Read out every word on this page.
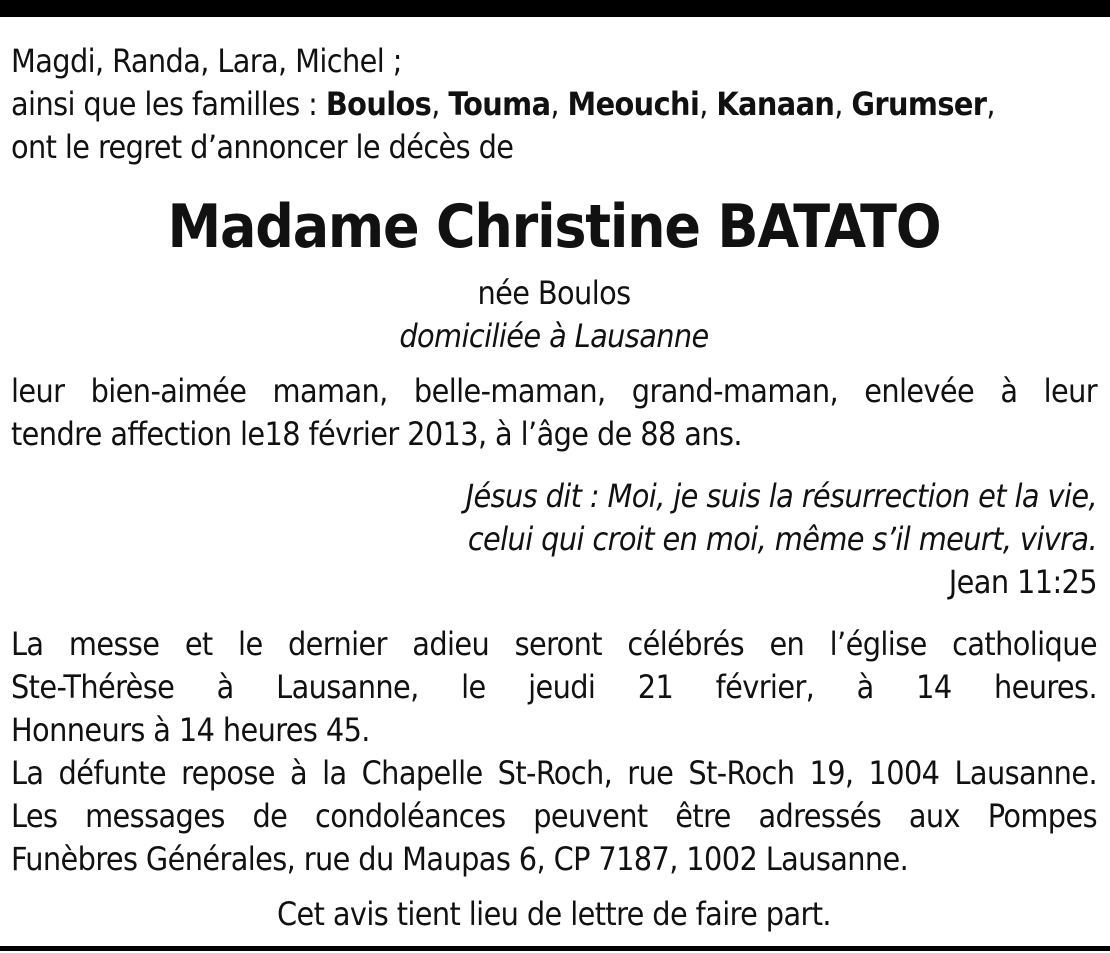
Magdi, Randa, Lara, Michel ;
ainsi que les familles : Boulos, Touma, Meouchi, Kanaan, Grumser,
ont le regret d’annoncer le décès de
Madame Christine BATATO
née Boulos
domiciliée à Lausanne
leur bien-aimée maman, belle-maman, grand-maman, enlevée à leur
tendre affection le18 février 2013, à l’âge de 88 ans.
Jésus dit : Moi, je suis la résurrection et la vie,
celui qui croit en moi, même s’il meurt, vivra.
Jean 11:25
La messe et le dernier adieu seront célébrés en l’église catholique
Ste-Thérèse à Lausanne, le jeudi 21 février, à 14 heures.
Honneurs à 14 heures 45.
La défunte repose à la Chapelle St-Roch, rue St-Roch 19, 1004 Lausanne.
Les messages de condoléances peuvent être adressés aux Pompes
Funèbres Générales, rue du Maupas 6, CP 7187, 1002 Lausanne.
Cet avis tient lieu de lettre de faire part.
